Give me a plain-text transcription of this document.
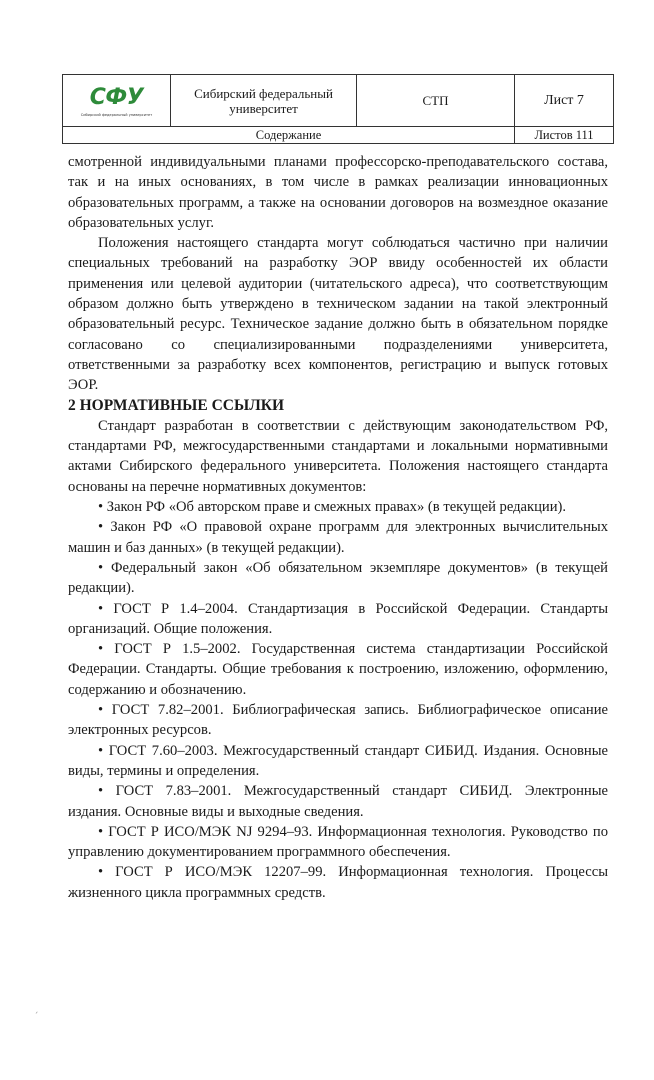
СФУ
Сибирский федеральный университет
Сибирский федеральный университет
СТП	Лист 7
Содержание	Листов 111

смотренной индивидуальными планами профессорско-преподавательского состава, так и на иных основаниях, в том числе в рамках реализации инновационных образовательных программ, а также на основании договоров на возмездное оказание образовательных услуг.

Положения настоящего стандарта могут соблюдаться частично при наличии специальных требований на разработку ЭОР ввиду особенностей их области применения или целевой аудитории (читательского адреса), что соответствующим образом должно быть утверждено в техническом задании на такой электронный образовательный ресурс. Техническое задание должно быть в обязательном порядке согласовано со специализированными подразделениями университета, ответственными за разработку всех компонентов, регистрацию и выпуск готовых ЭОР.

2 НОРМАТИВНЫЕ ССЫЛКИ

Стандарт разработан в соответствии с действующим законодательством РФ, стандартами РФ, межгосударственными стандартами и локальными нормативными актами Сибирского федерального университета. Положения настоящего стандарта основаны на перечне нормативных документов:

• Закон РФ «Об авторском праве и смежных правах» (в текущей редакции).

• Закон РФ «О правовой охране программ для электронных вычислительных машин и баз данных» (в текущей редакции).

• Федеральный закон «Об обязательном экземпляре документов» (в текущей редакции).

• ГОСТ Р 1.4–2004. Стандартизация в Российской Федерации. Стандарты организаций. Общие положения.

• ГОСТ Р 1.5–2002. Государственная система стандартизации Российской Федерации. Стандарты. Общие требования к построению, изложению, оформлению, содержанию и обозначению.

• ГОСТ 7.82–2001. Библиографическая запись. Библиографическое описание электронных ресурсов.

• ГОСТ 7.60–2003. Межгосударственный стандарт СИБИД. Издания. Основные виды, термины и определения.

• ГОСТ 7.83–2001. Межгосударственный стандарт СИБИД. Электронные издания. Основные виды и выходные сведения.

• ГОСТ Р ИСО/МЭК NJ 9294–93. Информационная технология. Руководство по управлению документированием программного обеспечения.

• ГОСТ Р ИСО/МЭК 12207–99. Информационная технология. Процессы жизненного цикла программных средств.

´
